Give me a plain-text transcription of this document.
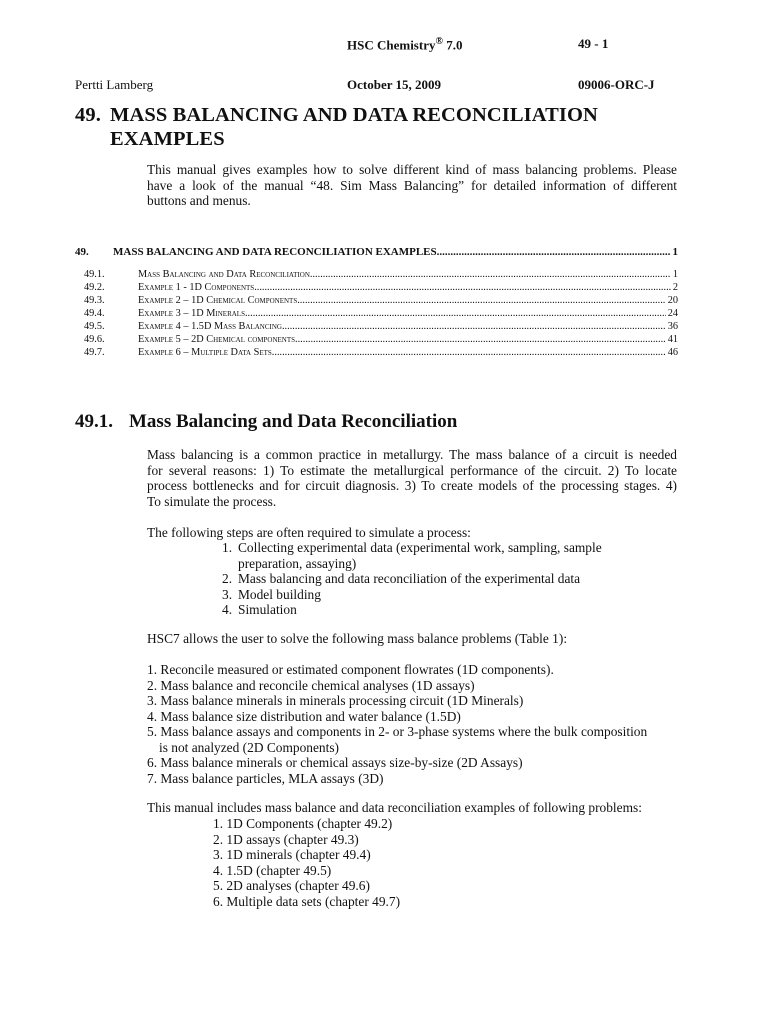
HSC Chemistry® 7.0	49 - 1
Pertti Lamberg	October 15, 2009	09006-ORC-J
49. MASS BALANCING AND DATA RECONCILIATION
EXAMPLES
This manual gives examples how to solve different kind of mass balancing problems. Please
have a look of the manual “48. Sim Mass Balancing” for detailed information of different
buttons and menus.
49. MASS BALANCING AND DATA RECONCILIATION EXAMPLES .....	1
49.1.	Mass Balancing and Data Reconciliation .....	1
49.2.	Example 1 - 1D Components .....	2
49.3.	Example 2 – 1D Chemical Components .....	20
49.4.	Example 3 – 1D Minerals .....	24
49.5.	Example 4 – 1.5D Mass Balancing .....	36
49.6.	Example 5 – 2D Chemical components .....	41
49.7.	Example 6 – Multiple Data Sets .....	46
49.1. Mass Balancing and Data Reconciliation
Mass balancing is a common practice in metallurgy. The mass balance of a circuit is needed
for several reasons: 1) To estimate the metallurgical performance of the circuit. 2) To locate
process bottlenecks and for circuit diagnosis. 3) To create models of the processing stages. 4)
To simulate the process.
The following steps are often required to simulate a process:
1. Collecting experimental data (experimental work, sampling, sample
preparation, assaying)
2. Mass balancing and data reconciliation of the experimental data
3. Model building
4. Simulation
HSC7 allows the user to solve the following mass balance problems (Table 1):
1. Reconcile measured or estimated component flowrates (1D components).
2. Mass balance and reconcile chemical analyses (1D assays)
3. Mass balance minerals in minerals processing circuit (1D Minerals)
4. Mass balance size distribution and water balance (1.5D)
5. Mass balance assays and components in 2- or 3-phase systems where the bulk composition
is not analyzed (2D Components)
6. Mass balance minerals or chemical assays size-by-size (2D Assays)
7. Mass balance particles, MLA assays (3D)
This manual includes mass balance and data reconciliation examples of following problems:
1. 1D Components (chapter 49.2)
2. 1D assays (chapter 49.3)
3. 1D minerals (chapter 49.4)
4. 1.5D (chapter 49.5)
5. 2D analyses (chapter 49.6)
6. Multiple data sets (chapter 49.7)
